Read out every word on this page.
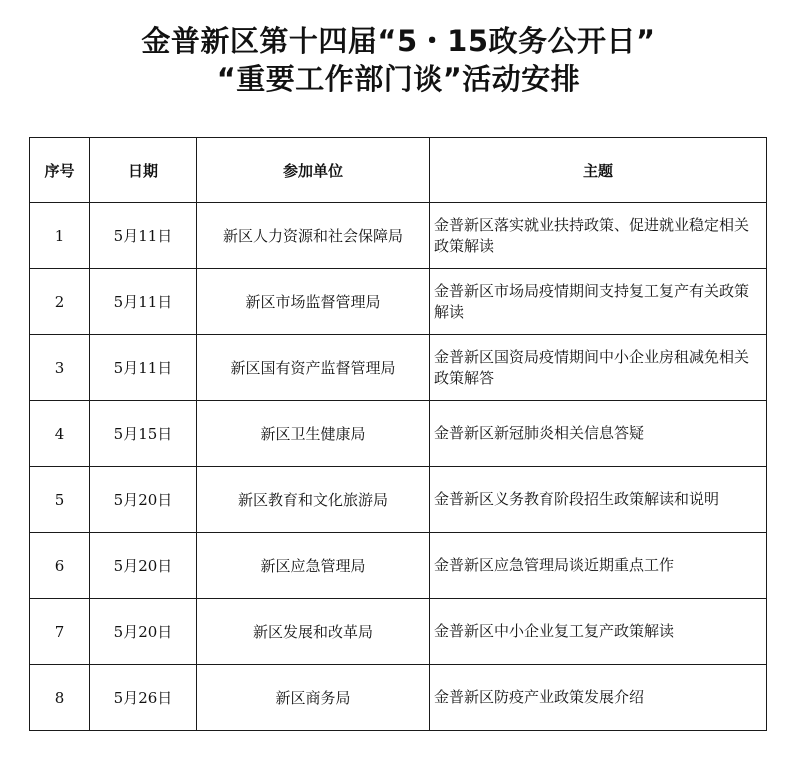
金普新区第十四届“5・15政务公开日”
“重要工作部门谈”活动安排
序号	日期	参加单位	主题
1	5月11日	新区人力资源和社会保障局	金普新区落实就业扶持政策、促进就业稳定相关政策解读
2	5月11日	新区市场监督管理局	金普新区市场局疫情期间支持复工复产有关政策解读
3	5月11日	新区国有资产监督管理局	金普新区国资局疫情期间中小企业房租减免相关政策解答
4	5月15日	新区卫生健康局	金普新区新冠肺炎相关信息答疑
5	5月20日	新区教育和文化旅游局	金普新区义务教育阶段招生政策解读和说明
6	5月20日	新区应急管理局	金普新区应急管理局谈近期重点工作
7	5月20日	新区发展和改革局	金普新区中小企业复工复产政策解读
8	5月26日	新区商务局	金普新区防疫产业政策发展介绍
